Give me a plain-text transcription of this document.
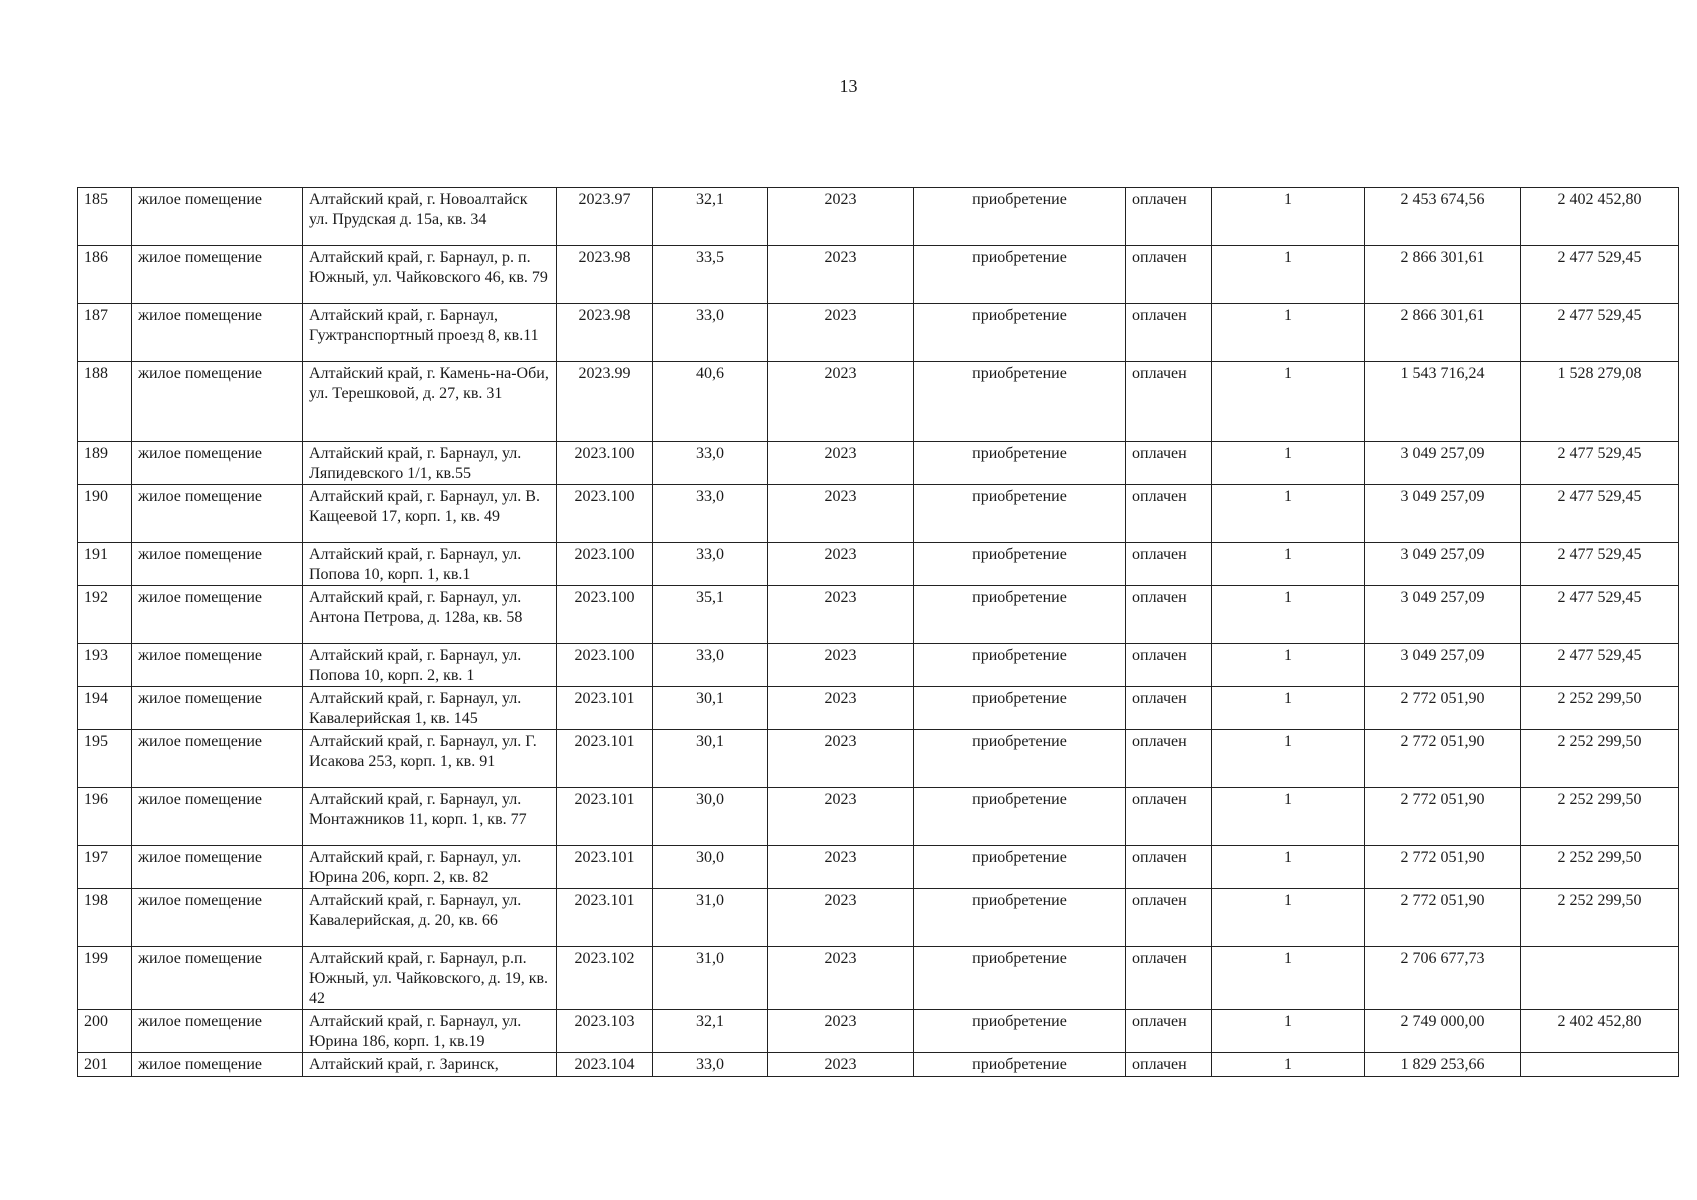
13
185	жилое помещение	Алтайский край, г. Новоалтайск ул. Прудская д. 15а, кв. 34	2023.97	32,1	2023	приобретение	оплачен	1	2 453 674,56	2 402 452,80
186	жилое помещение	Алтайский край, г. Барнаул, р. п. Южный, ул. Чайковского 46, кв. 79	2023.98	33,5	2023	приобретение	оплачен	1	2 866 301,61	2 477 529,45
187	жилое помещение	Алтайский край, г. Барнаул, Гужтранспортный проезд 8, кв.11	2023.98	33,0	2023	приобретение	оплачен	1	2 866 301,61	2 477 529,45
188	жилое помещение	Алтайский край, г. Камень-на-Оби, ул. Терешковой, д. 27, кв. 31	2023.99	40,6	2023	приобретение	оплачен	1	1 543 716,24	1 528 279,08
189	жилое помещение	Алтайский край, г. Барнаул, ул. Ляпидевского 1/1, кв.55	2023.100	33,0	2023	приобретение	оплачен	1	3 049 257,09	2 477 529,45
190	жилое помещение	Алтайский край, г. Барнаул, ул. В. Кащеевой 17, корп. 1, кв. 49	2023.100	33,0	2023	приобретение	оплачен	1	3 049 257,09	2 477 529,45
191	жилое помещение	Алтайский край, г. Барнаул, ул. Попова 10, корп. 1, кв.1	2023.100	33,0	2023	приобретение	оплачен	1	3 049 257,09	2 477 529,45
192	жилое помещение	Алтайский край, г. Барнаул, ул. Антона Петрова, д. 128а, кв. 58	2023.100	35,1	2023	приобретение	оплачен	1	3 049 257,09	2 477 529,45
193	жилое помещение	Алтайский край, г. Барнаул, ул. Попова 10, корп. 2, кв. 1	2023.100	33,0	2023	приобретение	оплачен	1	3 049 257,09	2 477 529,45
194	жилое помещение	Алтайский край, г. Барнаул, ул. Кавалерийская 1, кв. 145	2023.101	30,1	2023	приобретение	оплачен	1	2 772 051,90	2 252 299,50
195	жилое помещение	Алтайский край, г. Барнаул, ул. Г. Исакова 253, корп. 1, кв. 91	2023.101	30,1	2023	приобретение	оплачен	1	2 772 051,90	2 252 299,50
196	жилое помещение	Алтайский край, г. Барнаул, ул. Монтажников 11, корп. 1, кв. 77	2023.101	30,0	2023	приобретение	оплачен	1	2 772 051,90	2 252 299,50
197	жилое помещение	Алтайский край, г. Барнаул, ул. Юрина 206, корп. 2, кв. 82	2023.101	30,0	2023	приобретение	оплачен	1	2 772 051,90	2 252 299,50
198	жилое помещение	Алтайский край, г. Барнаул, ул. Кавалерийская, д. 20, кв. 66	2023.101	31,0	2023	приобретение	оплачен	1	2 772 051,90	2 252 299,50
199	жилое помещение	Алтайский край, г. Барнаул, р.п. Южный, ул. Чайковского, д. 19, кв. 42	2023.102	31,0	2023	приобретение	оплачен	1	2 706 677,73	
200	жилое помещение	Алтайский край, г. Барнаул, ул. Юрина 186, корп. 1, кв.19	2023.103	32,1	2023	приобретение	оплачен	1	2 749 000,00	2 402 452,80
201	жилое помещение	Алтайский край, г. Заринск,	2023.104	33,0	2023	приобретение	оплачен	1	1 829 253,66	
